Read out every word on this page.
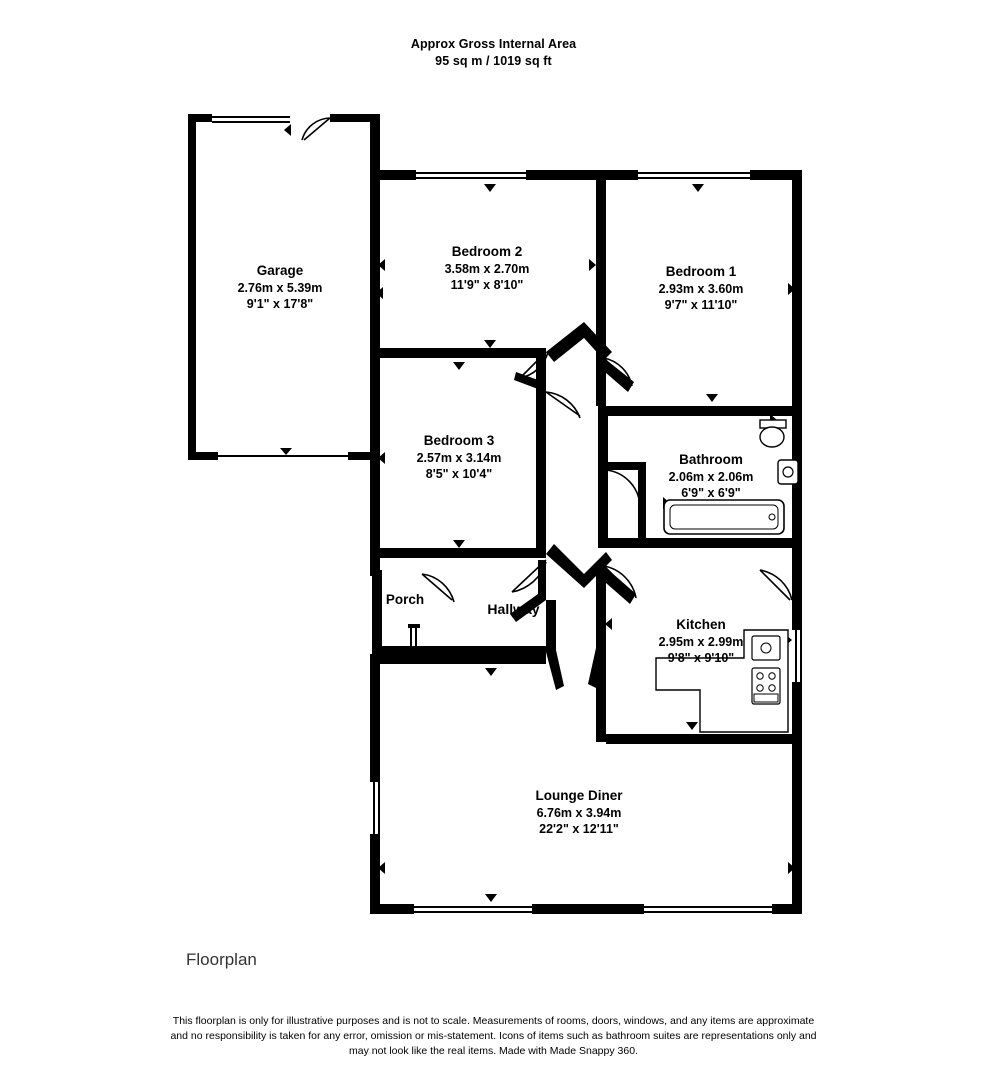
Approx Gross Internal Area
95 sq m / 1019 sq ft
Garage
2.76m x 5.39m
9'1" x 17'8"
Bedroom 2
3.58m x 2.70m
11'9" x 8'10"
Bedroom 1
2.93m x 3.60m
9'7" x 11'10"
Bedroom 3
2.57m x 3.14m
8'5" x 10'4"
Bathroom
2.06m x 2.06m
6'9" x 6'9"
Kitchen
2.95m x 2.99m
9'8" x 9'10"
Lounge Diner
6.76m x 3.94m
22'2" x 12'11"
Porch
Hallway
Floorplan
This floorplan is only for illustrative purposes and is not to scale. Measurements of rooms, doors, windows, and any items are approximate
and no responsibility is taken for any error, omission or mis-statement. Icons of items such as bathroom suites are representations only and
may not look like the real items. Made with Made Snappy 360.
